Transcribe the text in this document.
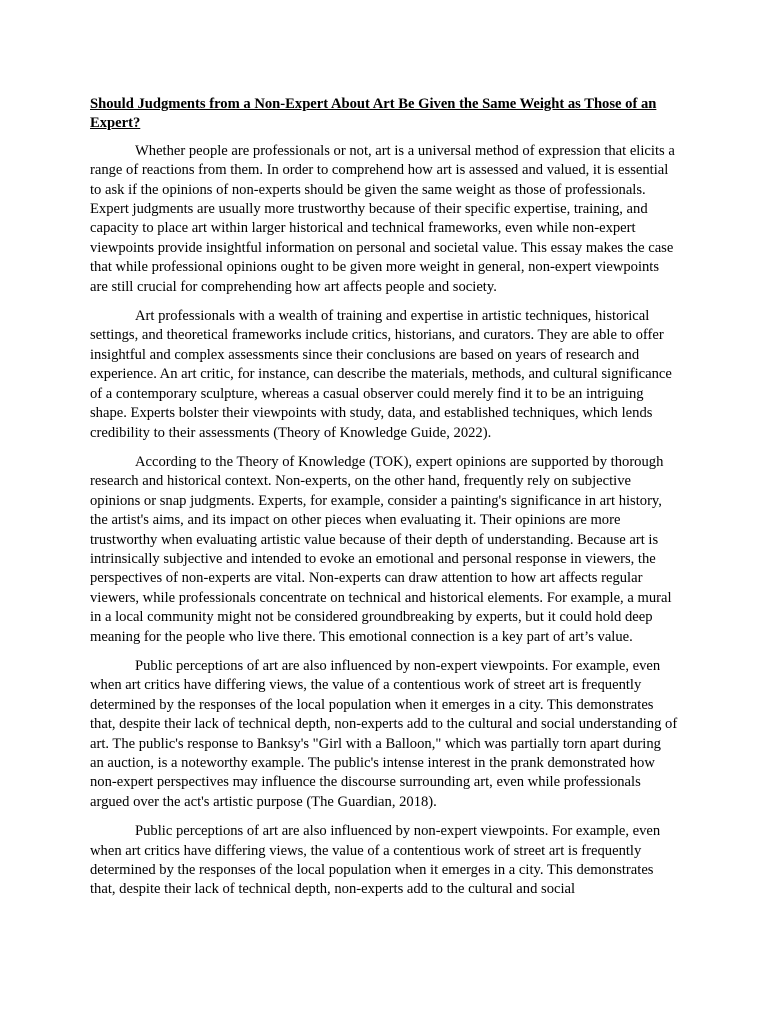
Should Judgments from a Non-Expert About Art Be Given the Same Weight as Those of an Expert?

Whether people are professionals or not, art is a universal method of expression that elicits a range of reactions from them. In order to comprehend how art is assessed and valued, it is essential to ask if the opinions of non-experts should be given the same weight as those of professionals. Expert judgments are usually more trustworthy because of their specific expertise, training, and capacity to place art within larger historical and technical frameworks, even while non-expert viewpoints provide insightful information on personal and societal value. This essay makes the case that while professional opinions ought to be given more weight in general, non-expert viewpoints are still crucial for comprehending how art affects people and society.

Art professionals with a wealth of training and expertise in artistic techniques, historical settings, and theoretical frameworks include critics, historians, and curators. They are able to offer insightful and complex assessments since their conclusions are based on years of research and experience. An art critic, for instance, can describe the materials, methods, and cultural significance of a contemporary sculpture, whereas a casual observer could merely find it to be an intriguing shape. Experts bolster their viewpoints with study, data, and established techniques, which lends credibility to their assessments (Theory of Knowledge Guide, 2022).

According to the Theory of Knowledge (TOK), expert opinions are supported by thorough research and historical context. Non-experts, on the other hand, frequently rely on subjective opinions or snap judgments. Experts, for example, consider a painting's significance in art history, the artist's aims, and its impact on other pieces when evaluating it. Their opinions are more trustworthy when evaluating artistic value because of their depth of understanding. Because art is intrinsically subjective and intended to evoke an emotional and personal response in viewers, the perspectives of non-experts are vital. Non-experts can draw attention to how art affects regular viewers, while professionals concentrate on technical and historical elements. For example, a mural in a local community might not be considered groundbreaking by experts, but it could hold deep meaning for the people who live there. This emotional connection is a key part of art’s value.

Public perceptions of art are also influenced by non-expert viewpoints. For example, even when art critics have differing views, the value of a contentious work of street art is frequently determined by the responses of the local population when it emerges in a city. This demonstrates that, despite their lack of technical depth, non-experts add to the cultural and social understanding of art. The public's response to Banksy's "Girl with a Balloon," which was partially torn apart during an auction, is a noteworthy example. The public's intense interest in the prank demonstrated how non-expert perspectives may influence the discourse surrounding art, even while professionals argued over the act's artistic purpose (The Guardian, 2018).

Public perceptions of art are also influenced by non-expert viewpoints. For example, even when art critics have differing views, the value of a contentious work of street art is frequently determined by the responses of the local population when it emerges in a city. This demonstrates that, despite their lack of technical depth, non-experts add to the cultural and social
